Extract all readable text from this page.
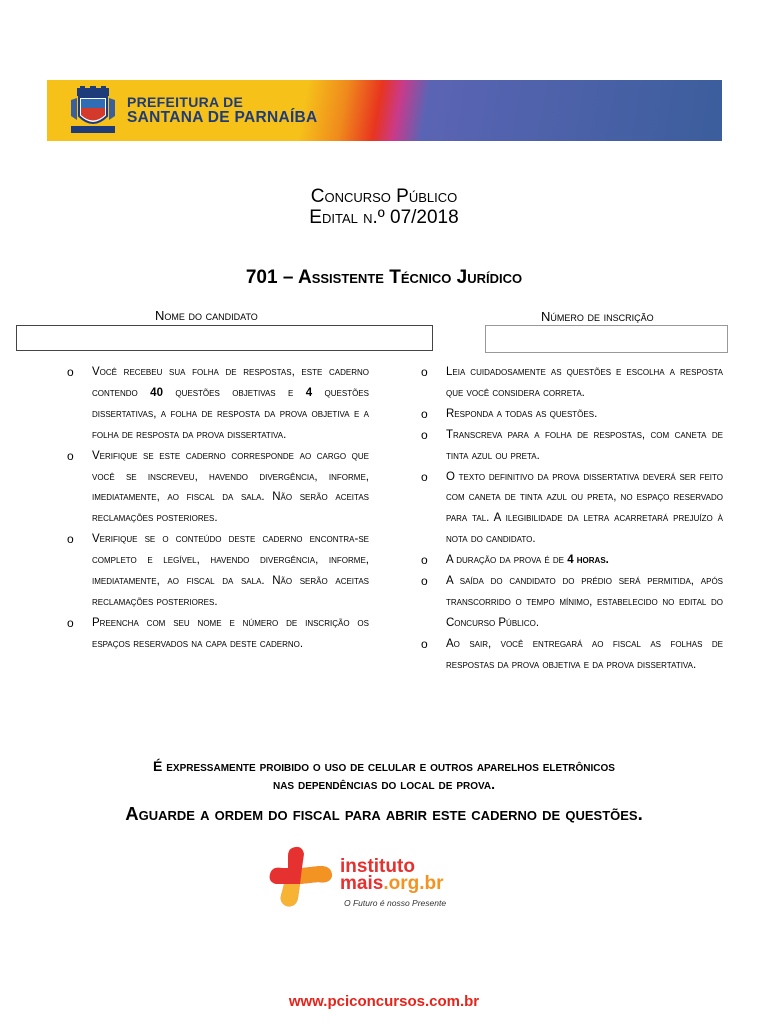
PREFEITURA DE
SANTANA DE PARNAÍBA
Concurso Público
Edital n.º 07/2018
701 – Assistente Técnico Jurídico
Nome do candidato	Número de inscrição
o Você recebeu sua folha de respostas, este caderno contendo 40 questões objetivas e 4 questões dissertativas, a folha de resposta da prova objetiva e a folha de resposta da prova dissertativa.
o Verifique se este caderno corresponde ao cargo que você se inscreveu, havendo divergência, informe, imediatamente, ao fiscal da sala. Não serão aceitas reclamações posteriores.
o Verifique se o conteúdo deste caderno encontra-se completo e legível, havendo divergência, informe, imediatamente, ao fiscal da sala. Não serão aceitas reclamações posteriores.
o Preencha com seu nome e número de inscrição os espaços reservados na capa deste caderno.
o Leia cuidadosamente as questões e escolha a resposta que você considera correta.
o Responda a todas as questões.
o Transcreva para a folha de respostas, com caneta de tinta azul ou preta.
o O texto definitivo da prova dissertativa deverá ser feito com caneta de tinta azul ou preta, no espaço reservado para tal. A ilegibilidade da letra acarretará prejuízo à nota do candidato.
o A duração da prova é de 4 horas.
o A saída do candidato do prédio será permitida, após transcorrido o tempo mínimo, estabelecido no edital do Concurso Público.
o Ao sair, você entregará ao fiscal as folhas de respostas da prova objetiva e da prova dissertativa.
É expressamente proibido o uso de celular e outros aparelhos eletrônicos
nas dependências do local de prova.
Aguarde a ordem do fiscal para abrir este caderno de questões.
instituto
mais.org.br
O Futuro é nosso Presente
www.pciconcursos.com.br
